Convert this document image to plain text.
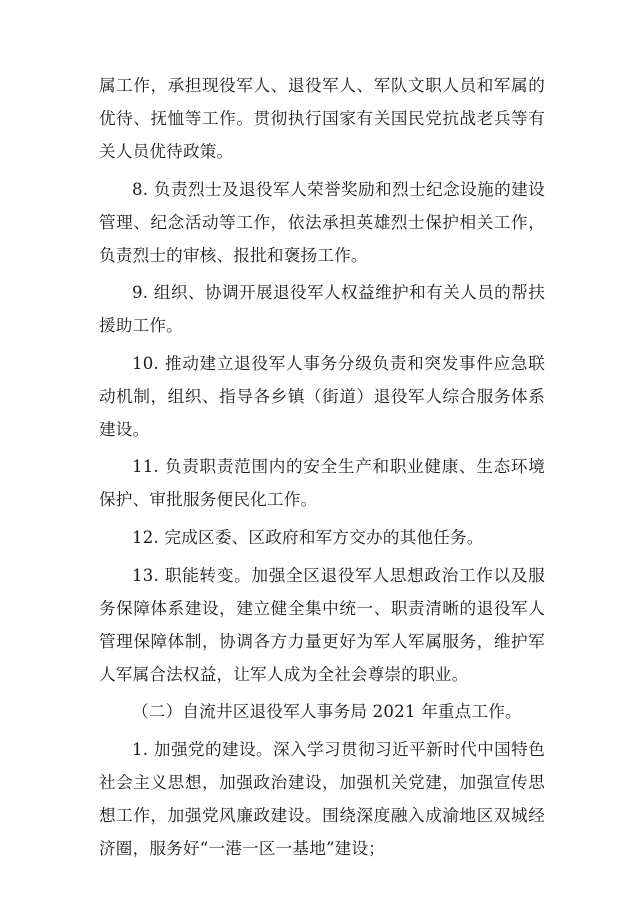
属工作，承担现役军人、退役军人、军队文职人员和军属的优待、抚恤等工作。贯彻执行国家有关国民党抗战老兵等有关人员优待政策。

8. 负责烈士及退役军人荣誉奖励和烈士纪念设施的建设管理、纪念活动等工作，依法承担英雄烈士保护相关工作，负责烈士的审核、报批和褒扬工作。

9. 组织、协调开展退役军人权益维护和有关人员的帮扶援助工作。

10. 推动建立退役军人事务分级负责和突发事件应急联动机制，组织、指导各乡镇（街道）退役军人综合服务体系建设。

11. 负责职责范围内的安全生产和职业健康、生态环境保护、审批服务便民化工作。

12. 完成区委、区政府和军方交办的其他任务。

13. 职能转变。加强全区退役军人思想政治工作以及服务保障体系建设，建立健全集中统一、职责清晰的退役军人管理保障体制，协调各方力量更好为军人军属服务，维护军人军属合法权益，让军人成为全社会尊崇的职业。

（二）自流井区退役军人事务局 2021 年重点工作。

1. 加强党的建设。深入学习贯彻习近平新时代中国特色社会主义思想，加强政治建设，加强机关党建，加强宣传思想工作，加强党风廉政建设。围绕深度融入成渝地区双城经济圈，服务好“一港一区一基地”建设；
